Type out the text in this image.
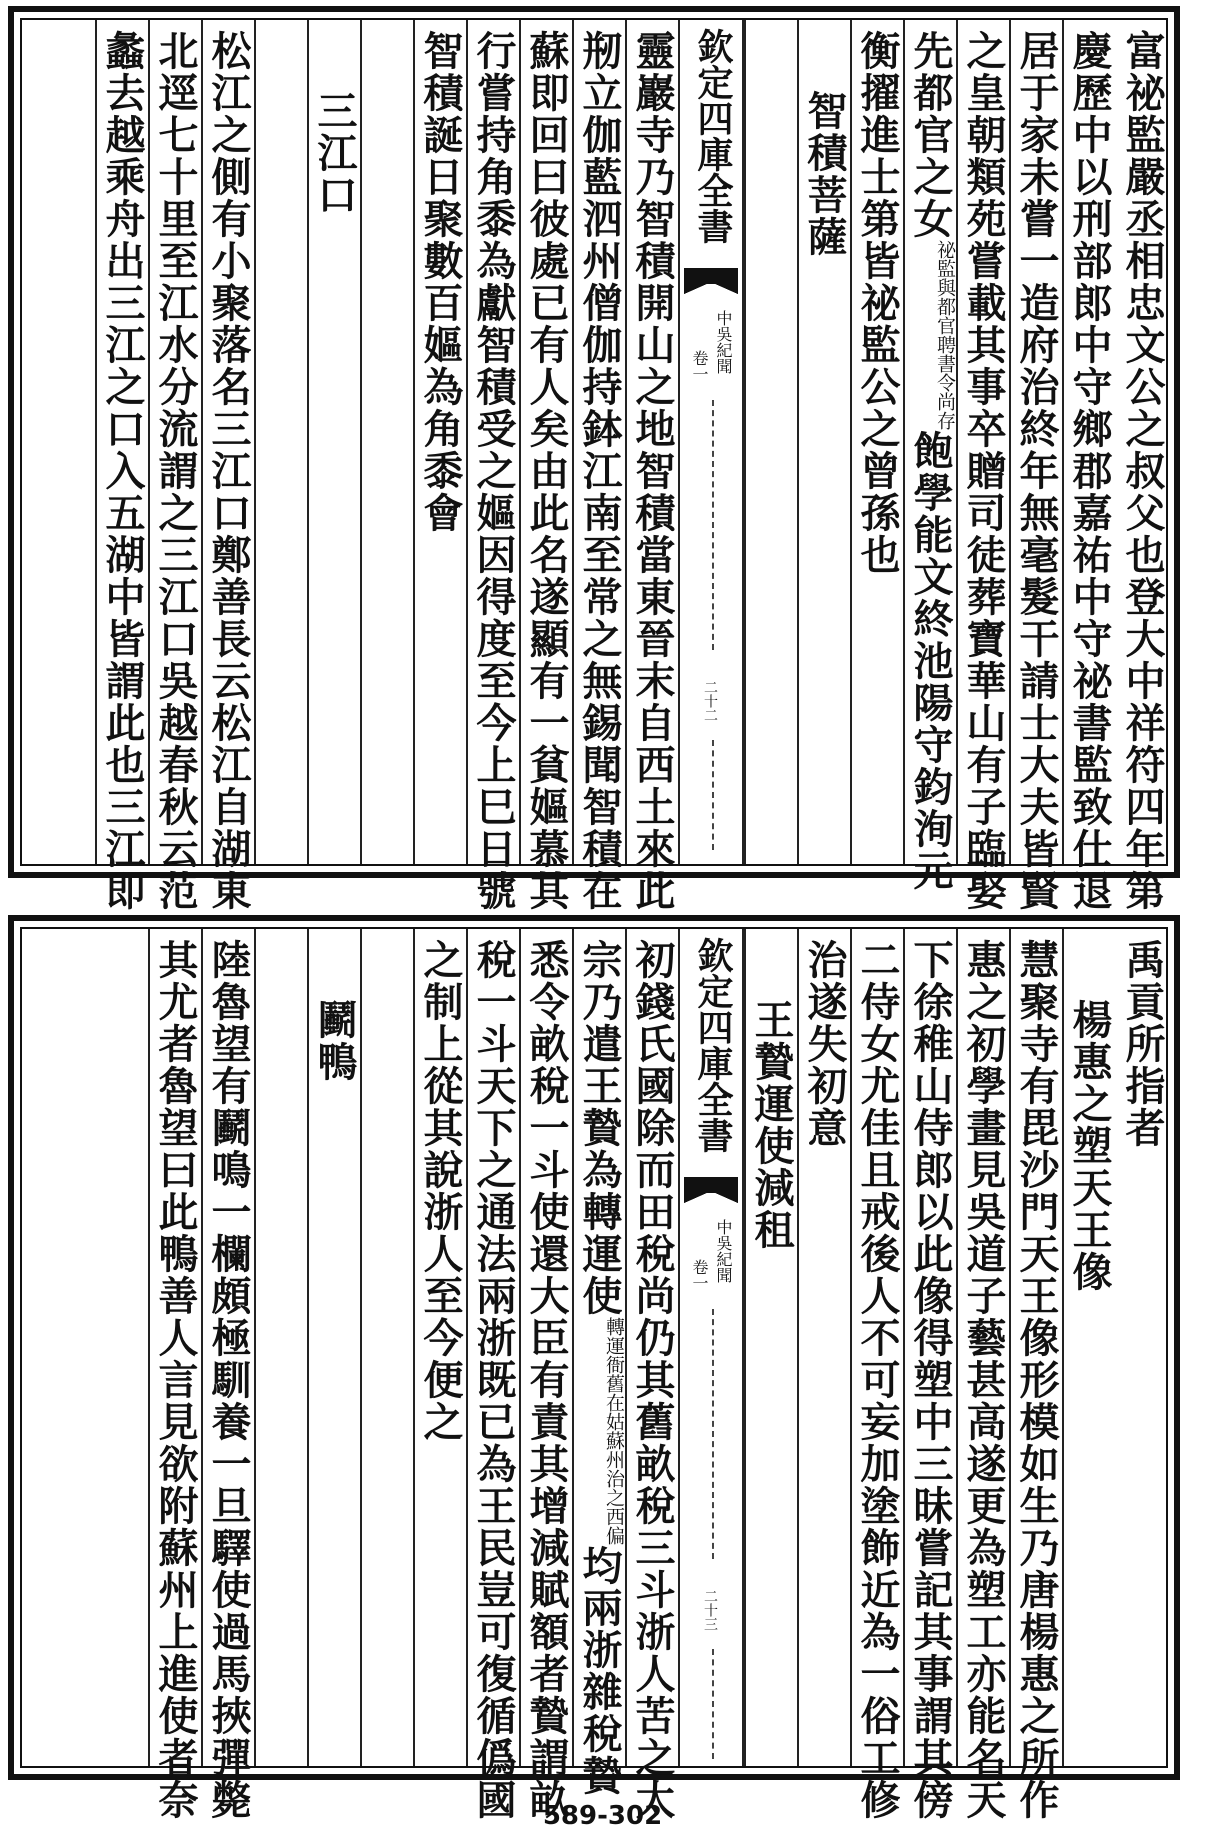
富祕監嚴丞相忠文公之叔父也登大中祥符四年第
慶歷中以刑部郎中守鄉郡嘉祐中守祕書監致仕退
居于家未嘗一造府治終年無毫髮干請士大夫皆賢
之皇朝類苑嘗載其事卒贈司徒葬寶華山有子臨娶
先都官之女$^{祕監與都官聘書令尚存}$飽學能文終池陽守鈞洵元
衡擢進士第皆祕監公之曾孫也
智積菩薩
欽定四庫全書
中吳紀聞
卷一
二十二
靈巖寺乃智積開山之地智積當東晉末自西土來此
剏立伽藍泗州僧伽持鉢江南至常之無錫聞智積在
蘇即回曰彼處已有人矣由此名遂顯有一貧嫗慕其
行嘗持角黍為獻智積受之嫗因得度至今上巳日號
智積誕日聚數百嫗為角黍會
三江口
松江之側有小聚落名三江口鄭善長云松江自湖東
北逕七十里至江水分流謂之三江口吳越春秋云范
蠡去越乘舟出三江之口入五湖中皆謂此也三江即
禹貢所指者
楊惠之塑天王像
慧聚寺有毘沙門天王像形模如生乃唐楊惠之所作
惠之初學畫見吳道子藝甚高遂更為塑工亦能名天
下徐稚山侍郎以此像得塑中三昧嘗記其事謂其傍
二侍女尤佳且戒後人不可妄加塗飾近為一俗工修
治遂失初意
王贄運使減租
欽定四庫全書
中吳紀聞
卷一
二十三
初錢氏國除而田稅尚仍其舊畝稅三斗浙人苦之太
宗乃遣王贄為轉運使$^{轉運衙舊在姑蘇州治之西偏}$均兩浙雜稅贄
悉令畝稅一斗使還大臣有責其增減賦額者贄謂畝
稅一斗天下之通法兩浙既已為王民豈可復循僞國
之制上從其說浙人至今便之
鬬鴨
陸魯望有鬬鳴一欄頗極馴養一旦驛使過馬挾彈斃
其尤者魯望曰此鴨善人言見欲附蘇州上進使者奈	589-302
